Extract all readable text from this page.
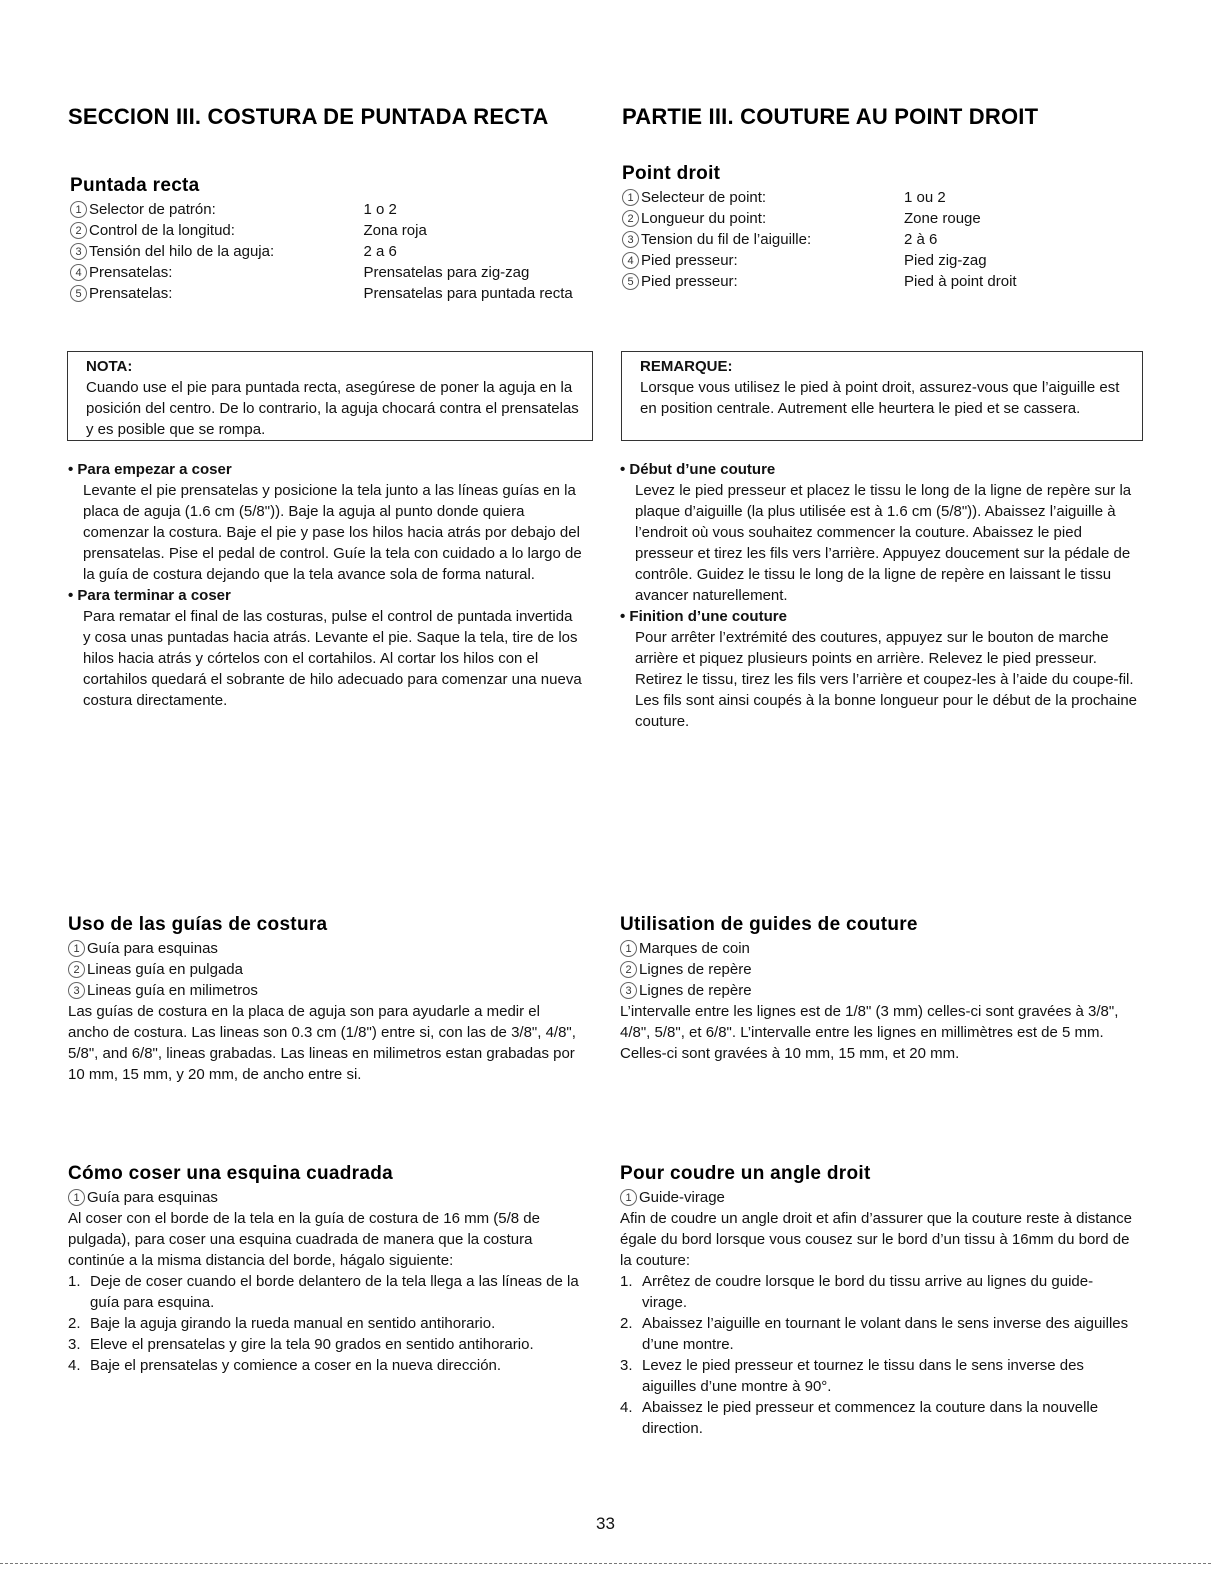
SECCION III. COSTURA DE PUNTADA RECTA	PARTIE III. COUTURE AU POINT DROIT
Puntada recta
1 Selector de patrón:	1 o 2
2 Control de la longitud:	Zona roja
3 Tensión del hilo de la aguja:	2 a 6
4 Prensatelas:	Prensatelas para zig-zag
5 Prensatelas:	Prensatelas para puntada recta
Point droit
1 Selecteur de point:	1 ou 2
2 Longueur du point:	Zone rouge
3 Tension du fil de l’aiguille:	2 à 6
4 Pied presseur:	Pied zig-zag
5 Pied presseur:	Pied à point droit
NOTA:
Cuando use el pie para puntada recta, asegúrese de poner la aguja en la posición del centro. De lo contrario, la aguja chocará contra el prensatelas y es posible que se rompa.
REMARQUE:
Lorsque vous utilisez le pied à point droit, assurez-vous que l’aiguille est en position centrale. Autrement elle heurtera le pied et se cassera.
• Para empezar a coser
Levante el pie prensatelas y posicione la tela junto a las líneas guías en la placa de aguja (1.6 cm (5/8")). Baje la aguja al punto donde quiera comenzar la costura. Baje el pie y pase los hilos hacia atrás por debajo del prensatelas. Pise el pedal de control. Guíe la tela con cuidado a lo largo de la guía de costura dejando que la tela avance sola de forma natural.
• Para terminar a coser
Para rematar el final de las costuras, pulse el control de puntada invertida y cosa unas puntadas hacia atrás. Levante el pie. Saque la tela, tire de los hilos hacia atrás y córtelos con el cortahilos. Al cortar los hilos con el cortahilos quedará el sobrante de hilo adecuado para comenzar una nueva costura directamente.
• Début d’une couture
Levez le pied presseur et placez le tissu le long de la ligne de repère sur la plaque d’aiguille (la plus utilisée est à 1.6 cm (5/8")). Abaissez l’aiguille à l’endroit où vous souhaitez commencer la couture. Abaissez le pied presseur et tirez les fils vers l’arrière. Appuyez doucement sur la pédale de contrôle. Guidez le tissu le long de la ligne de repère en laissant le tissu avancer naturellement.
• Finition d’une couture
Pour arrêter l’extrémité des coutures, appuyez sur le bouton de marche arrière et piquez plusieurs points en arrière. Relevez le pied presseur. Retirez le tissu, tirez les fils vers l’arrière et coupez-les à l’aide du coupe-fil. Les fils sont ainsi coupés à la bonne longueur pour le début de la prochaine couture.
Uso de las guías de costura
1 Guía para esquinas
2 Lineas guía en pulgada
3 Lineas guía en milimetros

Las guías de costura en la placa de aguja son para ayudarle a medir el ancho de costura. Las lineas son 0.3 cm (1/8") entre si, con las de 3/8", 4/8", 5/8", and 6/8", lineas grabadas. Las lineas en milimetros estan grabadas por 10 mm, 15 mm, y 20 mm, de ancho entre si.

Utilisation de guides de couture
1 Marques de coin
2 Lignes de repère
3 Lignes de repère

L’intervalle entre les lignes est de 1/8" (3 mm) celles-ci sont gravées à 3/8", 4/8", 5/8", et 6/8". L’intervalle entre les lignes en millimètres est de 5 mm. Celles-ci sont gravées à 10 mm, 15 mm, et 20 mm.

Cómo coser una esquina cuadrada
1 Guía para esquinas

Al coser con el borde de la tela en la guía de costura de 16 mm (5/8 de pulgada), para coser una esquina cuadrada de manera que la costura continúe a la misma distancia del borde, hágalo siguiente:

1. Deje de coser cuando el borde delantero de la tela llega a las líneas de la guía para esquina.
2. Baje la aguja girando la rueda manual en sentido antihorario.
3. Eleve el prensatelas y gire la tela 90 grados en sentido antihorario.
4. Baje el prensatelas y comience a coser en la nueva dirección.
Pour coudre un angle droit
1 Guide-virage

Afin de coudre un angle droit et afin d’assurer que la couture reste à distance égale du bord lorsque vous cousez sur le bord d’un tissu à 16mm du bord de la couture:

1. Arrêtez de coudre lorsque le bord du tissu arrive au lignes du guide-virage.
2. Abaissez l’aiguille en tournant le volant dans le sens inverse des aiguilles d’une montre.
3. Levez le pied presseur et tournez le tissu dans le sens inverse des aiguilles d’une montre à 90°.
4. Abaissez le pied presseur et commencez la couture dans la nouvelle direction.
33
